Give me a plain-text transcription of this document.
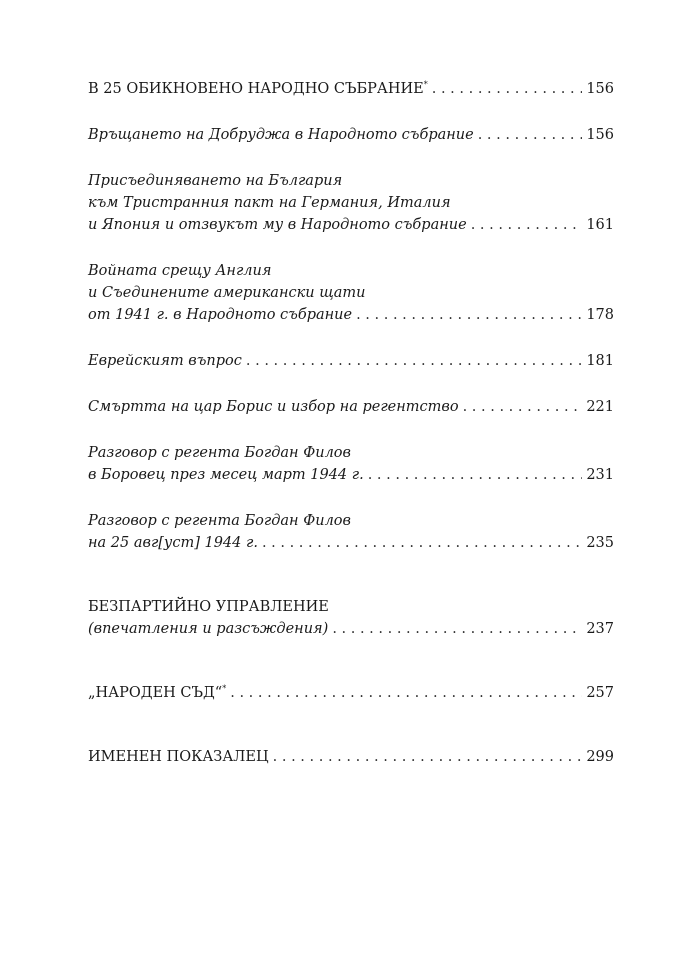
В 25 ОБИКНОВЕНО НАРОДНО СЪБРАНИЕ* . . .	156
Връщането на Добруджа в Народното събрание . . .	156
Присъединяването на България
към Тристранния пакт на Германия, Италия
и Япония и отзвукът му в Народното събрание . . .	161
Войната срещу Англия
и Съединените американски щати
от 1941 г. в Народното събрание . . .	178
Еврейският въпрос . . .	181
Смъртта на цар Борис и избор на регентство . . .	221
Разговор с регента Богдан Филов
в Боровец през месец март 1944 г. . . .	231
Разговор с регента Богдан Филов
на 25 авг[уст] 1944 г. . . .	235
БЕЗПАРТИЙНО УПРАВЛЕНИЕ
(впечатления и разсъждения) . . .	237
„НАРОДЕН СЪД“* . . .	257
ИМЕНЕН ПОКАЗАЛЕЦ . . .	299
